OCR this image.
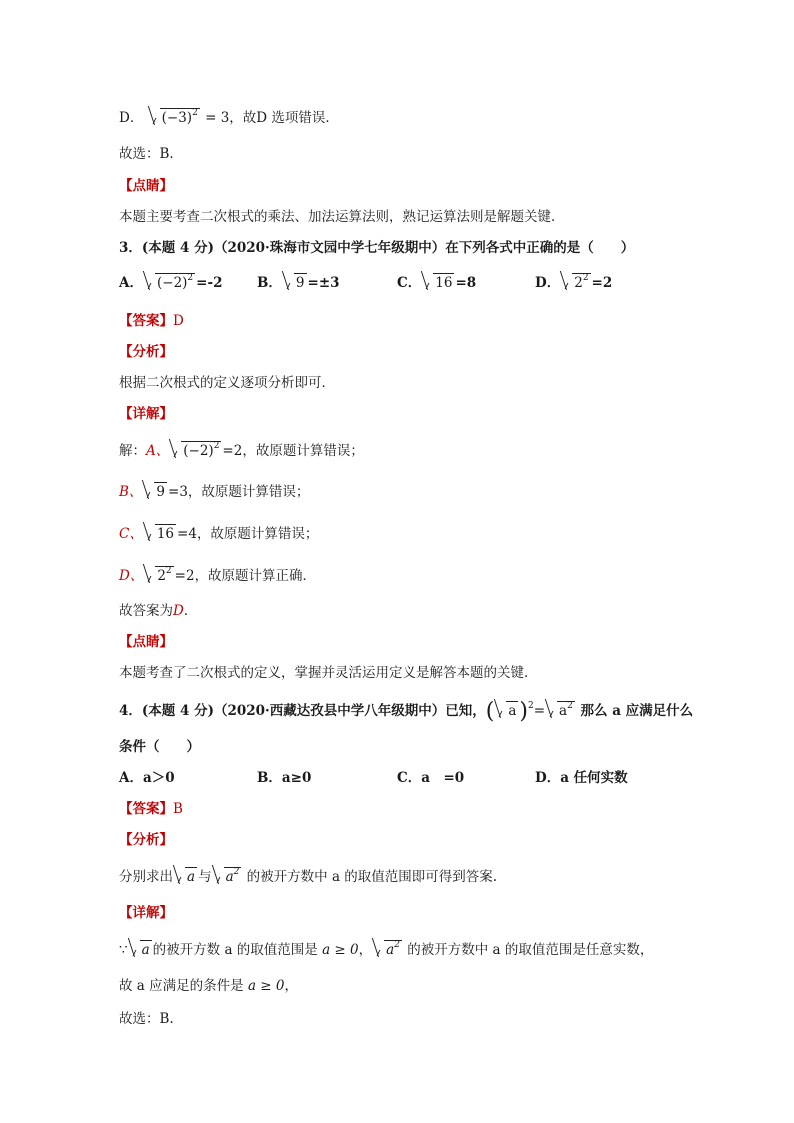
D． $(-3)^2 = 3$，故D 选项错误．
故选：B．
【点睛】
本题主要考查二次根式的乘法、加法运算法则，熟记运算法则是解题关键．
3．(本题 4 分)（2020·珠海市文园中学七年级期中）在下列各式中正确的是（　　）
A． $(-2)^2 =-2$	B． 9 =±3	C． 16 =8	D． $2^2 =2$
【答案】D
【分析】
根据二次根式的定义逐项分析即可．
【详解】
解：A、 $(-2)^2 =2$，故原题计算错误；
B、 9 =3，故原题计算错误；
C、 16 =4，故原题计算错误；
D、 $2^2 =2$，故原题计算正确．
故答案为D．
【点睛】
本题考查了二次根式的定义，掌握并灵活运用定义是解答本题的关键．
4．(本题 4 分)（2020·西藏达孜县中学八年级期中）已知，( a )$^2= a^2$ 那么 a 应满足什么
条件（　　）
A．a＞0	B．a≥0	C．a　=0	D．a 任何实数
【答案】B
【分析】
分别求出 a 与 $a^2$ 的被开方数中 a 的取值范围即可得到答案.
【详解】
∵ a 的被开方数 a 的取值范围是 a ≥ 0， $a^2$ 的被开方数中 a 的取值范围是任意实数，
故 a 应满足的条件是 a ≥ 0，
故选：B.
